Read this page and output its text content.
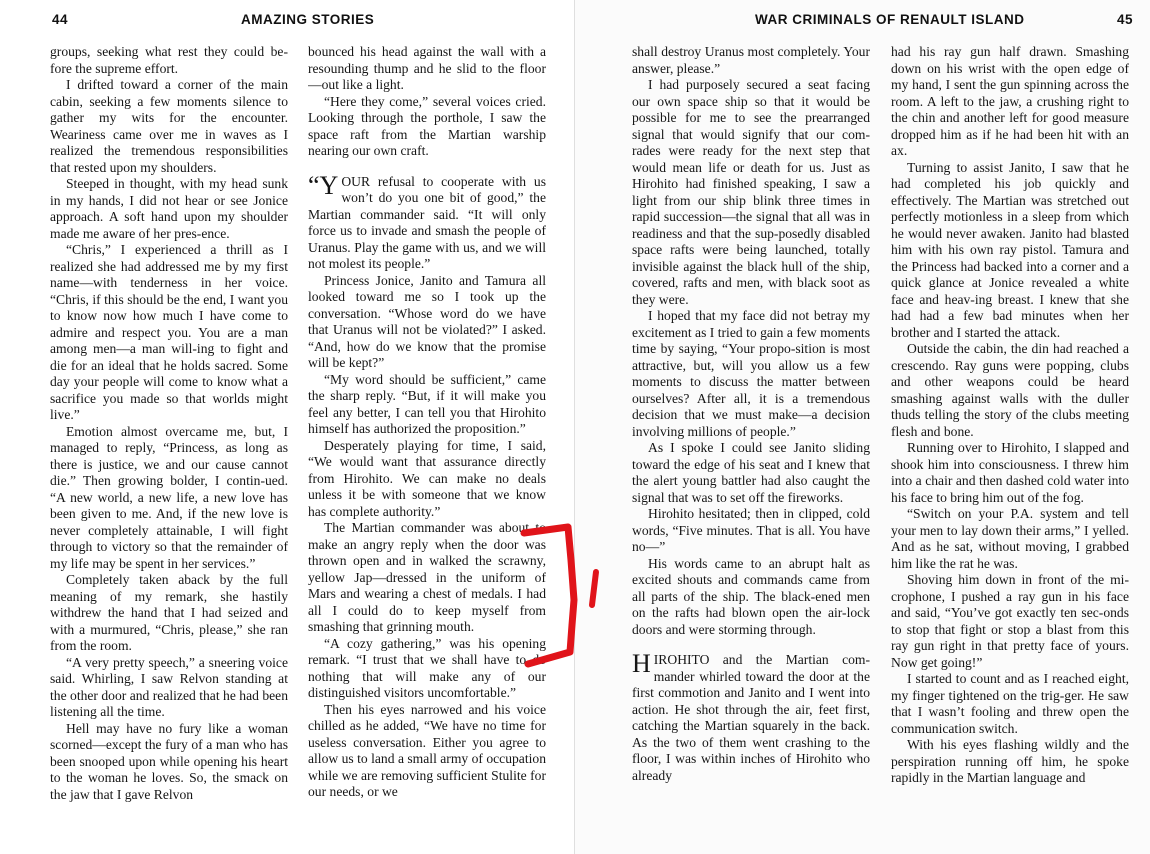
44	AMAZING STORIES

groups, seeking what rest they could be-fore the supreme effort.

I drifted toward a corner of the main cabin, seeking a few moments silence to gather my wits for the encounter. Weariness came over me in waves as I realized the tremendous responsibilities that rested upon my shoulders.

Steeped in thought, with my head sunk in my hands, I did not hear or see Jonice approach. A soft hand upon my shoulder made me aware of her pres-ence.

“Chris,” I experienced a thrill as I realized she had addressed me by my first name—with tenderness in her voice. “Chris, if this should be the end, I want you to know now how much I have come to admire and respect you. You are a man among men—a man will-ing to fight and die for an ideal that he holds sacred. Some day your people will come to know what a sacrifice you made so that worlds might live.”

Emotion almost overcame me, but, I managed to reply, “Princess, as long as there is justice, we and our cause cannot die.” Then growing bolder, I contin-ued. “A new world, a new life, a new love has been given to me. And, if the new love is never completely attainable, I will fight through to victory so that the remainder of my life may be spent in her services.”

Completely taken aback by the full meaning of my remark, she hastily withdrew the hand that I had seized and with a murmured, “Chris, please,” she ran from the room.

“A very pretty speech,” a sneering voice said. Whirling, I saw Relvon standing at the other door and realized that he had been listening all the time.

Hell may have no fury like a woman scorned—except the fury of a man who has been snooped upon while opening his heart to the woman he loves. So, the smack on the jaw that I gave Relvon

bounced his head against the wall with a resounding thump and he slid to the floor—out like a light.

“Here they come,” several voices cried. Looking through the porthole, I saw the space raft from the Martian warship nearing our own craft.

“YOUR refusal to cooperate with us won’t do you one bit of good,” the Martian commander said. “It will only force us to invade and smash the people of Uranus. Play the game with us, and we will not molest its people.”

Princess Jonice, Janito and Tamura all looked toward me so I took up the conversation. “Whose word do we have that Uranus will not be violated?” I asked. “And, how do we know that the promise will be kept?”

“My word should be sufficient,” came the sharp reply. “But, if it will make you feel any better, I can tell you that Hirohito himself has authorized the proposition.”

Desperately playing for time, I said, “We would want that assurance directly from Hirohito. We can make no deals unless it be with someone that we know has complete authority.”

The Martian commander was about to make an angry reply when the door was thrown open and in walked the scrawny, yellow Jap—dressed in the uniform of Mars and wearing a chest of medals. I had all I could do to keep myself from smashing that grinning mouth.

“A cozy gathering,” was his opening remark. “I trust that we shall have to do nothing that will make any of our distinguished visitors uncomfortable.”

Then his eyes narrowed and his voice chilled as he added, “We have no time for useless conversation. Either you agree to allow us to land a small army of occupation while we are removing sufficient Stulite for our needs, or we

WAR CRIMINALS OF RENAULT ISLAND	45

shall destroy Uranus most completely. Your answer, please.”

I had purposely secured a seat facing our own space ship so that it would be possible for me to see the prearranged signal that would signify that our com-rades were ready for the next step that would mean life or death for us. Just as Hirohito had finished speaking, I saw a light from our ship blink three times in rapid succession—the signal that all was in readiness and that the sup-posedly disabled space rafts were being launched, totally invisible against the black hull of the ship, covered, rafts and men, with black soot as they were.

I hoped that my face did not betray my excitement as I tried to gain a few moments time by saying, “Your propo-sition is most attractive, but, will you allow us a few moments to discuss the matter between ourselves? After all, it is a tremendous decision that we must make—a decision involving millions of people.”

As I spoke I could see Janito sliding toward the edge of his seat and I knew that the alert young battler had also caught the signal that was to set off the fireworks.

Hirohito hesitated; then in clipped, cold words, “Five minutes. That is all. You have no—”

His words came to an abrupt halt as excited shouts and commands came from all parts of the ship. The black-ened men on the rafts had blown open the air-lock doors and were storming through.

HIROHITO and the Martian com-mander whirled toward the door at the first commotion and Janito and I went into action. He shot through the air, feet first, catching the Martian squarely in the back. As the two of them went crashing to the floor, I was within inches of Hirohito who already

had his ray gun half drawn. Smashing down on his wrist with the open edge of my hand, I sent the gun spinning across the room. A left to the jaw, a crushing right to the chin and another left for good measure dropped him as if he had been hit with an ax.

Turning to assist Janito, I saw that he had completed his job quickly and effectively. The Martian was stretched out perfectly motionless in a sleep from which he would never awaken. Janito had blasted him with his own ray pistol. Tamura and the Princess had backed into a corner and a quick glance at Jonice revealed a white face and heav-ing breast. I knew that she had had a few bad minutes when her brother and I started the attack.

Outside the cabin, the din had reached a crescendo. Ray guns were popping, clubs and other weapons could be heard smashing against walls with the duller thuds telling the story of the clubs meeting flesh and bone.

Running over to Hirohito, I slapped and shook him into consciousness. I threw him into a chair and then dashed cold water into his face to bring him out of the fog.

“Switch on your P.A. system and tell your men to lay down their arms,” I yelled. And as he sat, without moving, I grabbed him like the rat he was.

Shoving him down in front of the mi-crophone, I pushed a ray gun in his face and said, “You’ve got exactly ten sec-onds to stop that fight or stop a blast from this ray gun right in that pretty face of yours. Now get going!”

I started to count and as I reached eight, my finger tightened on the trig-ger. He saw that I wasn’t fooling and threw open the communication switch.

With his eyes flashing wildly and the perspiration running off him, he spoke rapidly in the Martian language and
